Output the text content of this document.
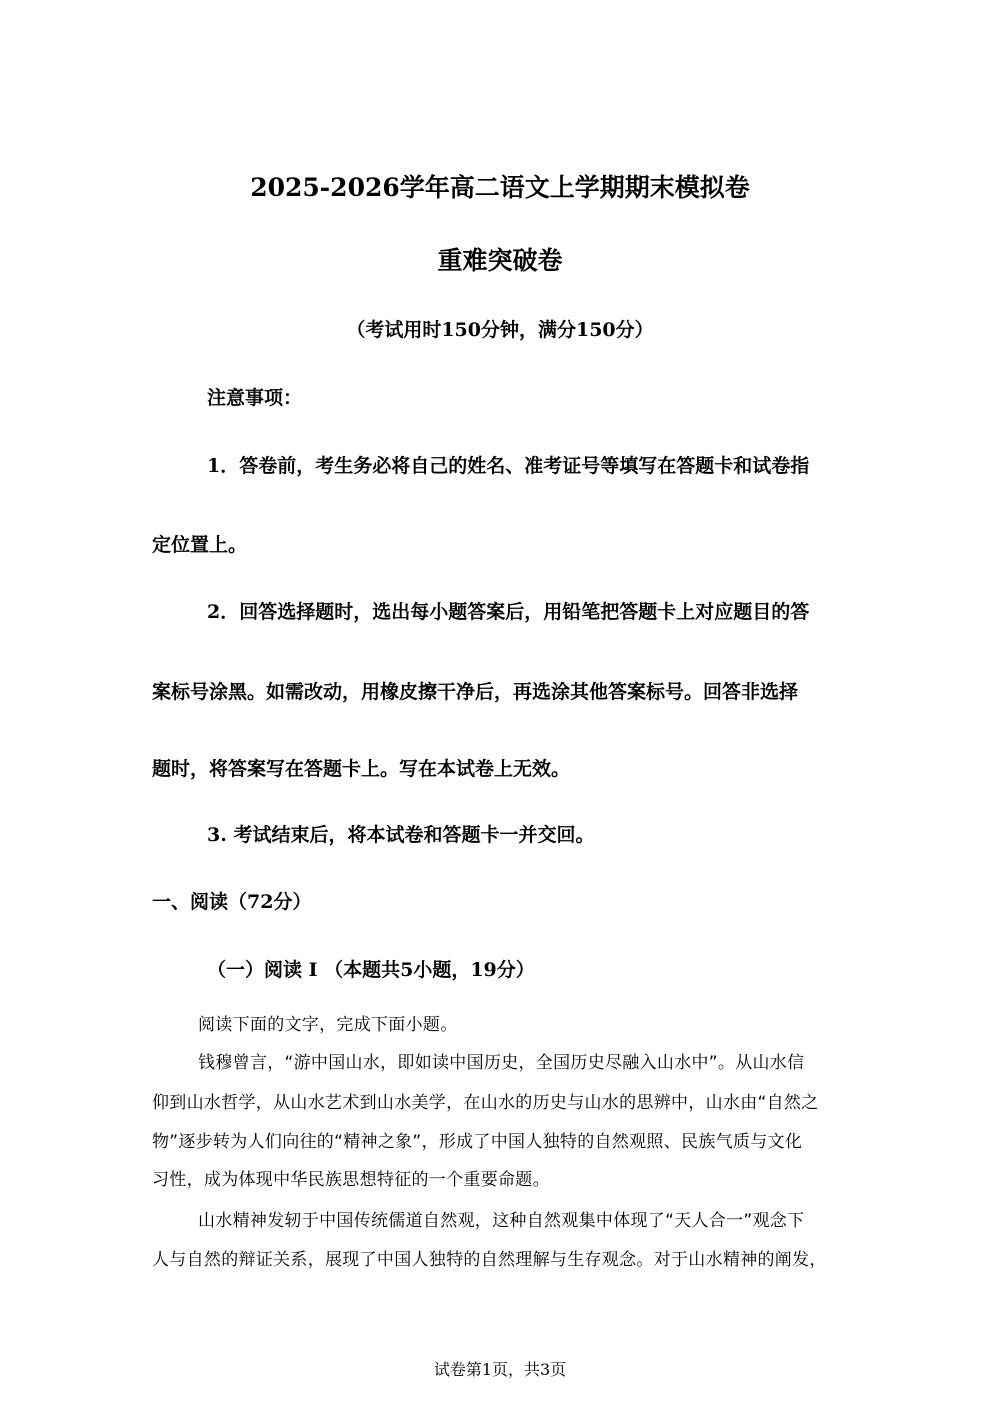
2025-2026学年高二语文上学期期末模拟卷
重难突破卷

（考试用时150分钟，满分150分）

注意事项：

1．答卷前，考生务必将自己的姓名、准考证号等填写在答题卡和试卷指

定位置上。

2．回答选择题时，选出每小题答案后，用铅笔把答题卡上对应题目的答

案标号涂黑。如需改动，用橡皮擦干净后，再选涂其他答案标号。回答非选择

题时，将答案写在答题卡上。写在本试卷上无效。

3. 考试结束后，将本试卷和答题卡一并交回。

一、阅读（72分）

（一）阅读 I （本题共5小题，19分）

阅读下面的文字，完成下面小题。

钱穆曾言，“游中国山水，即如读中国历史，全国历史尽融入山水中”。从山水信

仰到山水哲学，从山水艺术到山水美学，在山水的历史与山水的思辨中，山水由“自然之

物”逐步转为人们向往的“精神之象”，形成了中国人独特的自然观照、民族气质与文化

习性，成为体现中华民族思想特征的一个重要命题。

山水精神发轫于中国传统儒道自然观，这种自然观集中体现了“天人合一”观念下

人与自然的辩证关系，展现了中国人独特的自然理解与生存观念。对于山水精神的阐发，

试卷第1页，共3页
